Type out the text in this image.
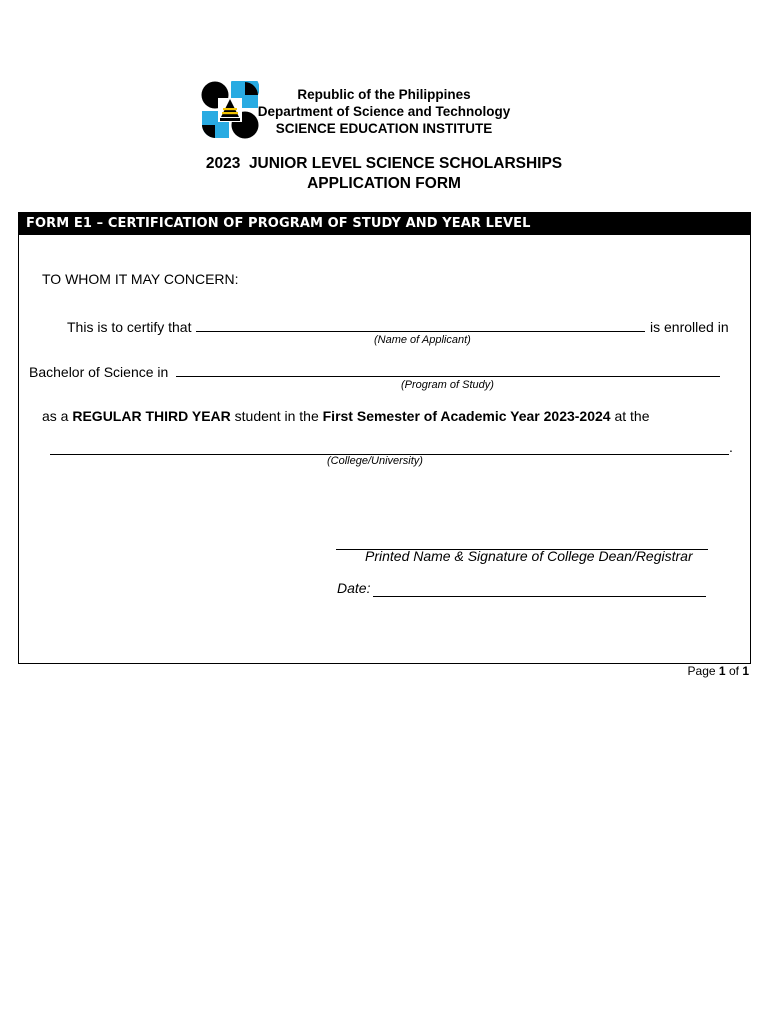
Republic of the Philippines
Department of Science and Technology
SCIENCE EDUCATION INSTITUTE
2023  JUNIOR LEVEL SCIENCE SCHOLARSHIPS
APPLICATION FORM
FORM E1 – CERTIFICATION OF PROGRAM OF STUDY AND YEAR LEVEL
TO WHOM IT MAY CONCERN:
This is to certify that	is enrolled in
(Name of Applicant)
Bachelor of Science in
(Program of Study)
as a REGULAR THIRD YEAR student in the First Semester of Academic Year 2023-2024 at the
.
(College/University)
Printed Name & Signature of College Dean/Registrar
Date:
Page 1 of 1
